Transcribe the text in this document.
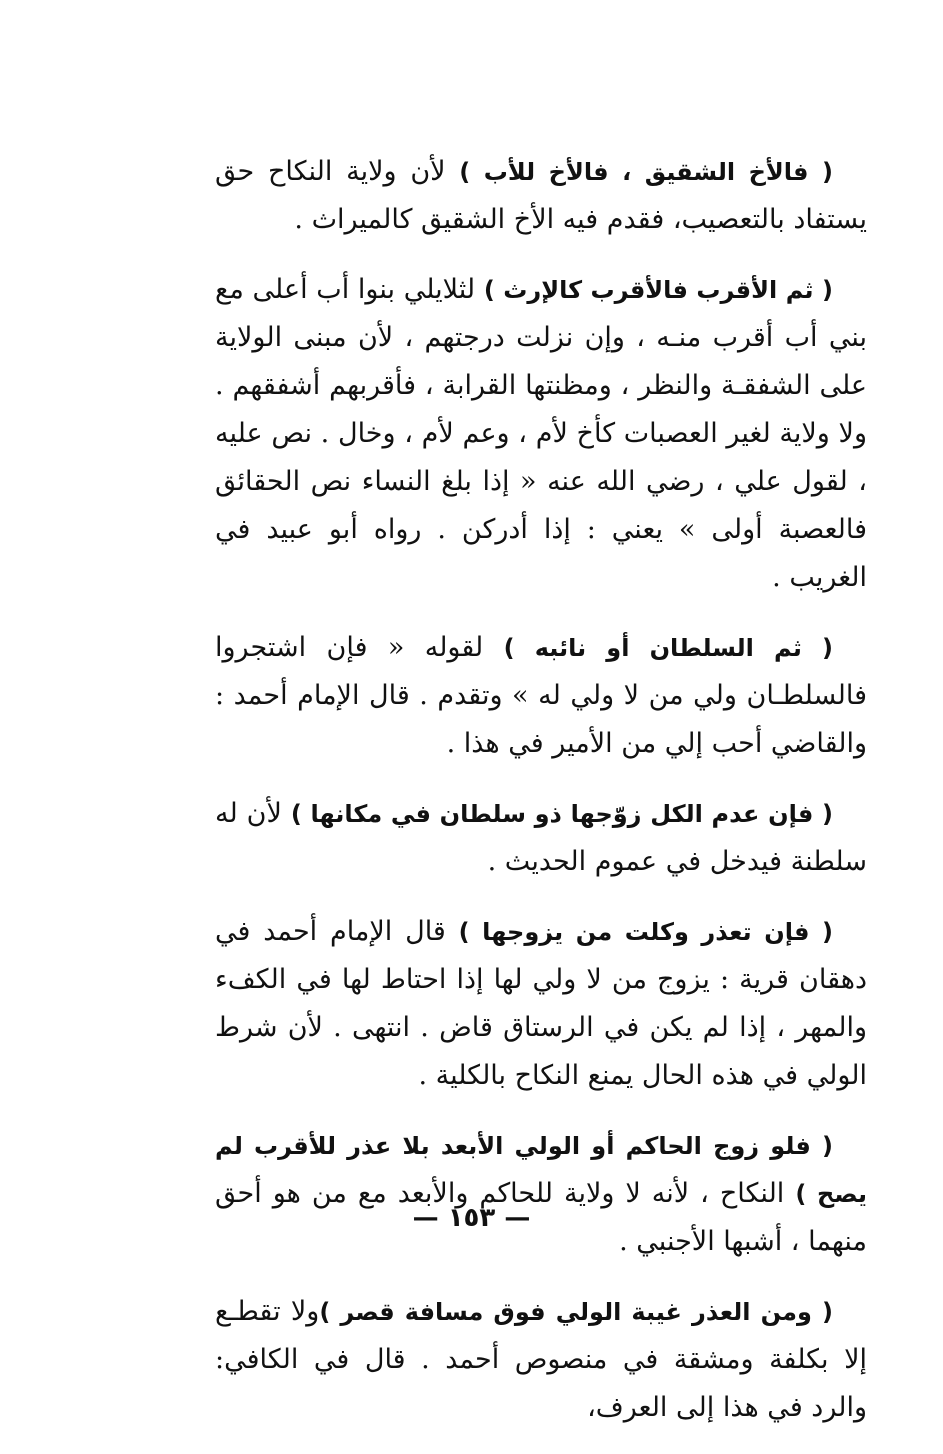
( فالأخ الشقيق ، فالأخ للأب ) لأن ولاية النكاح حق يستفاد بالتعصيب، فقدم فيه الأخ الشقيق كالميراث .

( ثم الأقرب فالأقرب كالإرث ) لثلايلي بنوا أب أعلى مع بني أب أقرب منـه ، وإن نزلت درجتهم ، لأن مبنى الولاية على الشفقـة والنظر ، ومظنتها القرابة ، فأقربهم أشفقهم . ولا ولاية لغير العصبات كأخ لأم ، وعم لأم ، وخال . نص عليه ، لقول علي ، رضي الله عنه « إذا بلغ النساء نص الحقائق فالعصبة أولى » يعني : إذا أدركن . رواه أبو عبيد في الغريب .

( ثم السلطان أو نائبه ) لقوله « فإن اشتجروا فالسلطـان ولي من لا ولي له » وتقدم . قال الإمام أحمد : والقاضي أحب إلي من الأمير في هذا .

( فإن عدم الكل زوّجها ذو سلطان في مكانها ) لأن له سلطنة فيدخل في عموم الحديث .

( فإن تعذر وكلت من يزوجها ) قال الإمام أحمد في دهقان قرية : يزوج من لا ولي لها إذا احتاط لها في الكفء والمهر ، إذا لم يكن في الرستاق قاض . انتهى . لأن شرط الولي في هذه الحال يمنع النكاح بالكلية .

( فلو زوج الحاكم أو الولي الأبعد بلا عذر للأقرب لم يصح ) النكاح ، لأنه لا ولاية للحاكم والأبعد مع من هو أحق منهما ، أشبها الأجنبي .

( ومن العذر غيبة الولي فوق مسافة قصر )ولا تقطـع إلا بكلفة ومشقة في منصوص أحمد . قال في الكافي: والرد في هذا إلى العرف،

— ١٥٣ —
